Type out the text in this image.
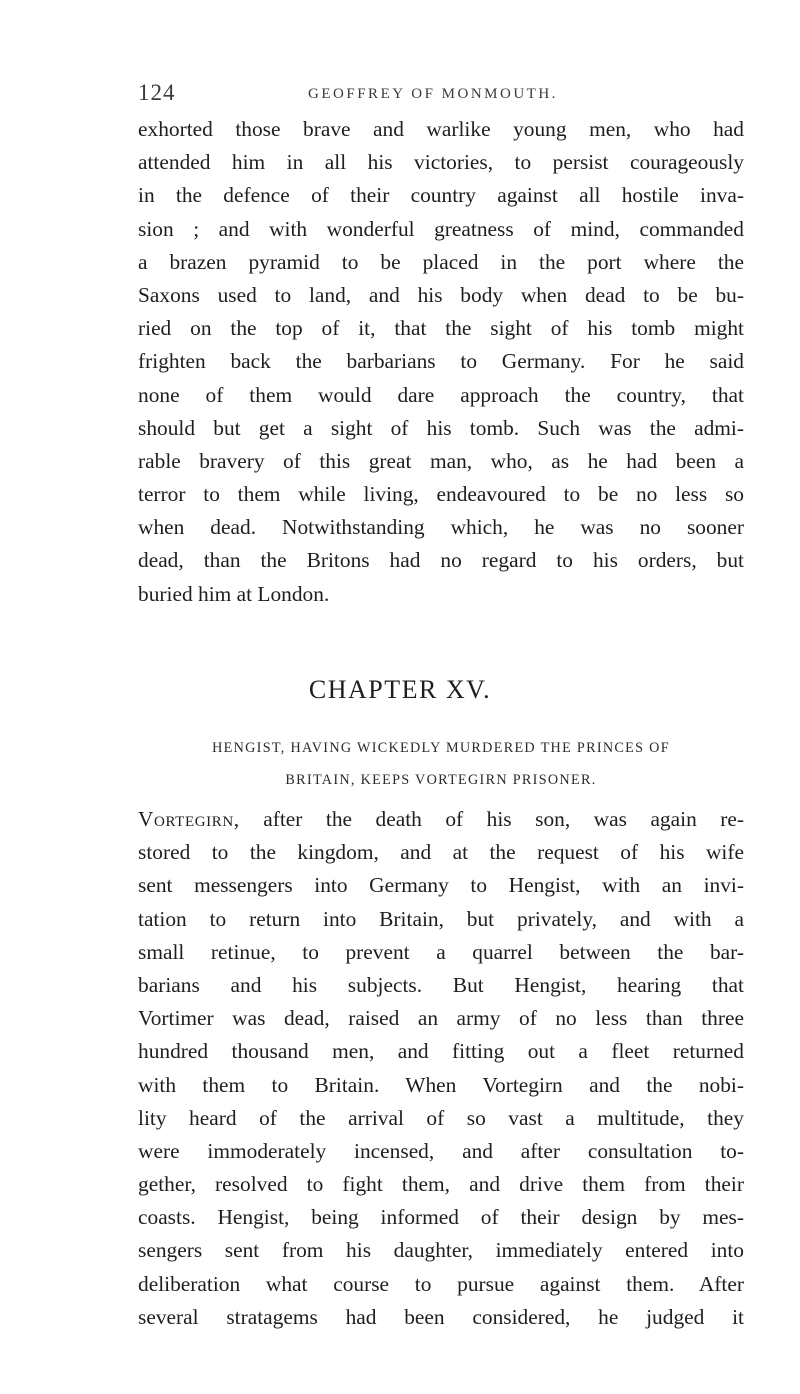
124	GEOFFREY OF MONMOUTH.
exhorted those brave and warlike young men, who had
attended him in all his victories, to persist courageously
in the defence of their country against all hostile inva-
sion ; and with wonderful greatness of mind, commanded
a brazen pyramid to be placed in the port where the
Saxons used to land, and his body when dead to be bu-
ried on the top of it, that the sight of his tomb might
frighten back the barbarians to Germany. For he said
none of them would dare approach the country, that
should but get a sight of his tomb. Such was the admi-
rable bravery of this great man, who, as he had been a
terror to them while living, endeavoured to be no less so
when dead. Notwithstanding which, he was no sooner
dead, than the Britons had no regard to his orders, but
buried him at London.
CHAPTER XV.
HENGIST, HAVING WICKEDLY MURDERED THE PRINCES OF
BRITAIN, KEEPS VORTEGIRN PRISONER.
Vortegirn, after the death of his son, was again re-
stored to the kingdom, and at the request of his wife
sent messengers into Germany to Hengist, with an invi-
tation to return into Britain, but privately, and with a
small retinue, to prevent a quarrel between the bar-
barians and his subjects. But Hengist, hearing that
Vortimer was dead, raised an army of no less than three
hundred thousand men, and fitting out a fleet returned
with them to Britain. When Vortegirn and the nobi-
lity heard of the arrival of so vast a multitude, they
were immoderately incensed, and after consultation to-
gether, resolved to fight them, and drive them from their
coasts. Hengist, being informed of their design by mes-
sengers sent from his daughter, immediately entered into
deliberation what course to pursue against them. After
several stratagems had been considered, he judged it
